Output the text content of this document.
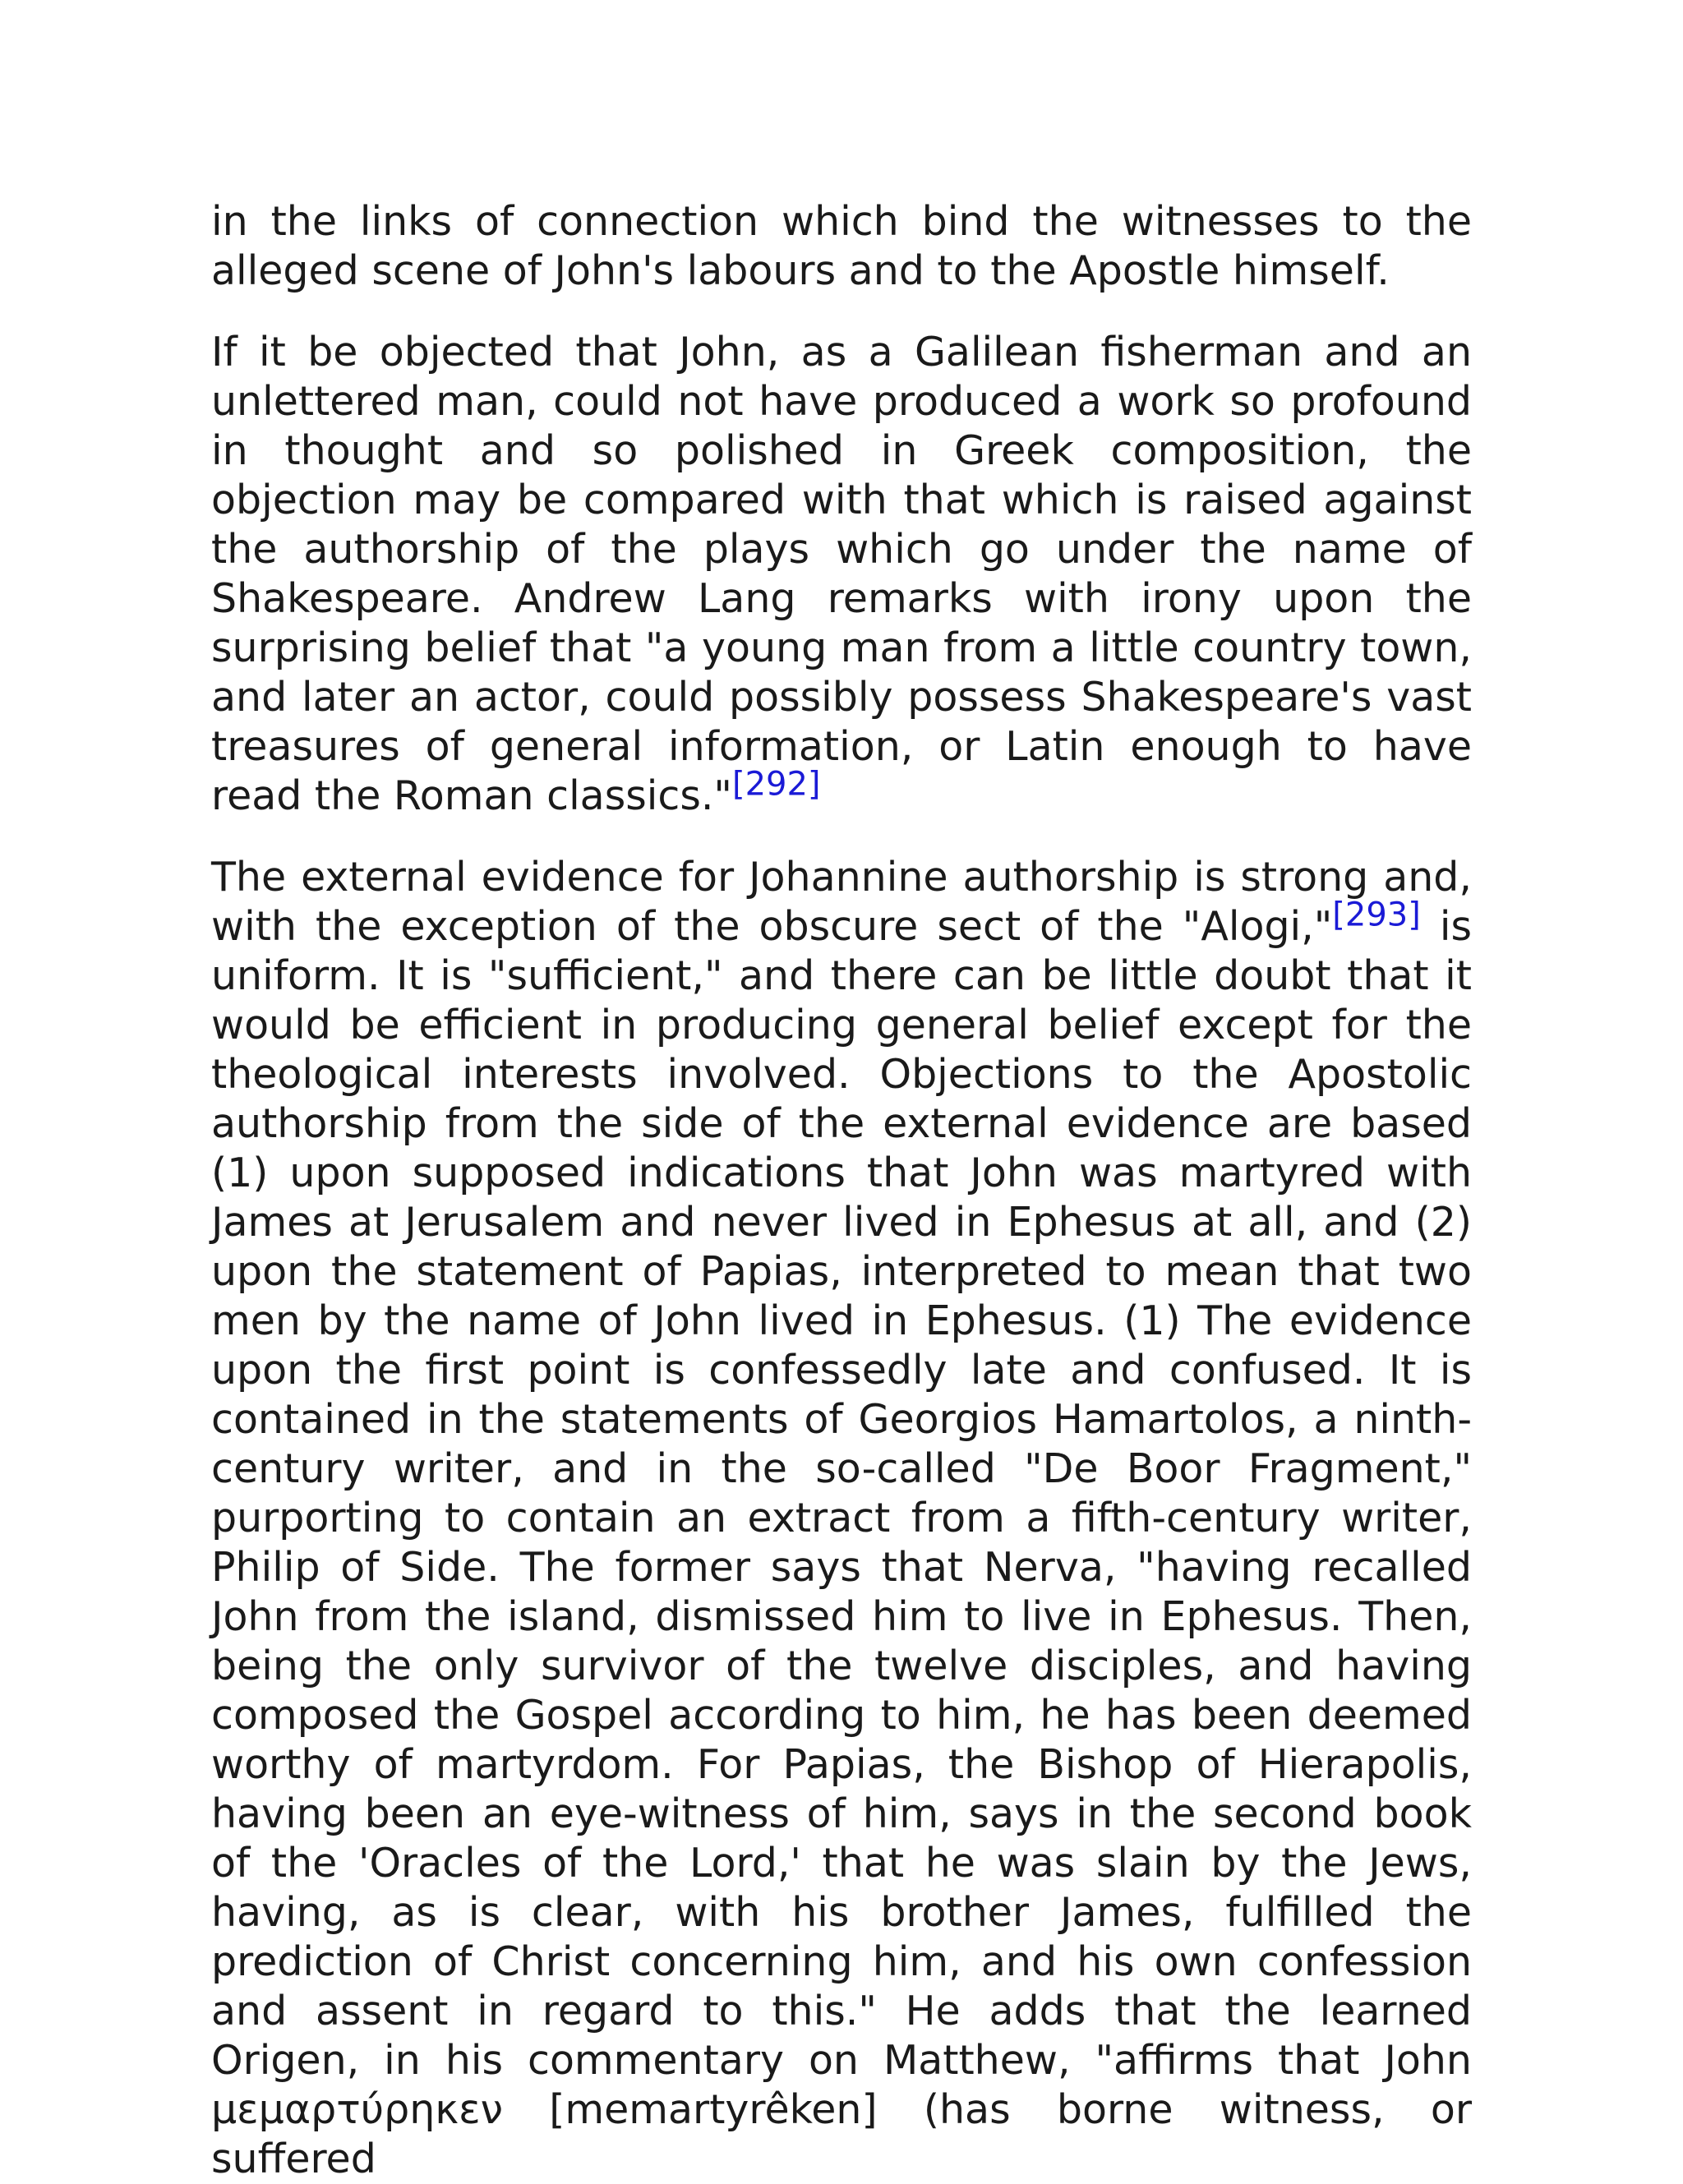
in the links of connection which bind the witnesses to the alleged scene of John's labours and to the Apostle himself.

If it be objected that John, as a Galilean fisherman and an unlettered man, could not have produced a work so profound in thought and so polished in Greek composition, the objection may be compared with that which is raised against the authorship of the plays which go under the name of Shakespeare. Andrew Lang remarks with irony upon the surprising belief that "a young man from a little country town, and later an actor, could possibly possess Shakespeare's vast treasures of general information, or Latin enough to have read the Roman classics."[292]

The external evidence for Johannine authorship is strong and, with the exception of the obscure sect of the "Alogi,"[293] is uniform. It is "sufficient," and there can be little doubt that it would be efficient in producing general belief except for the theological interests involved. Objections to the Apostolic authorship from the side of the external evidence are based (1) upon supposed indications that John was martyred with James at Jerusalem and never lived in Ephesus at all, and (2) upon the statement of Papias, interpreted to mean that two men by the name of John lived in Ephesus. (1) The evidence upon the first point is confessedly late and confused. It is contained in the statements of Georgios Hamartolos, a ninth-century writer, and in the so-called "De Boor Fragment," purporting to contain an extract from a fifth-century writer, Philip of Side. The former says that Nerva, "having recalled John from the island, dismissed him to live in Ephesus. Then, being the only survivor of the twelve disciples, and having composed the Gospel according to him, he has been deemed worthy of martyrdom. For Papias, the Bishop of Hierapolis, having been an eye-witness of him, says in the second book of the 'Oracles of the Lord,' that he was slain by the Jews, having, as is clear, with his brother James, fulfilled the prediction of Christ concerning him, and his own confession and assent in regard to this." He adds that the learned Origen, in his commentary on Matthew, "affirms that John μεμαρτύρηκεν [memartyrêken] (has borne witness, or suffered
